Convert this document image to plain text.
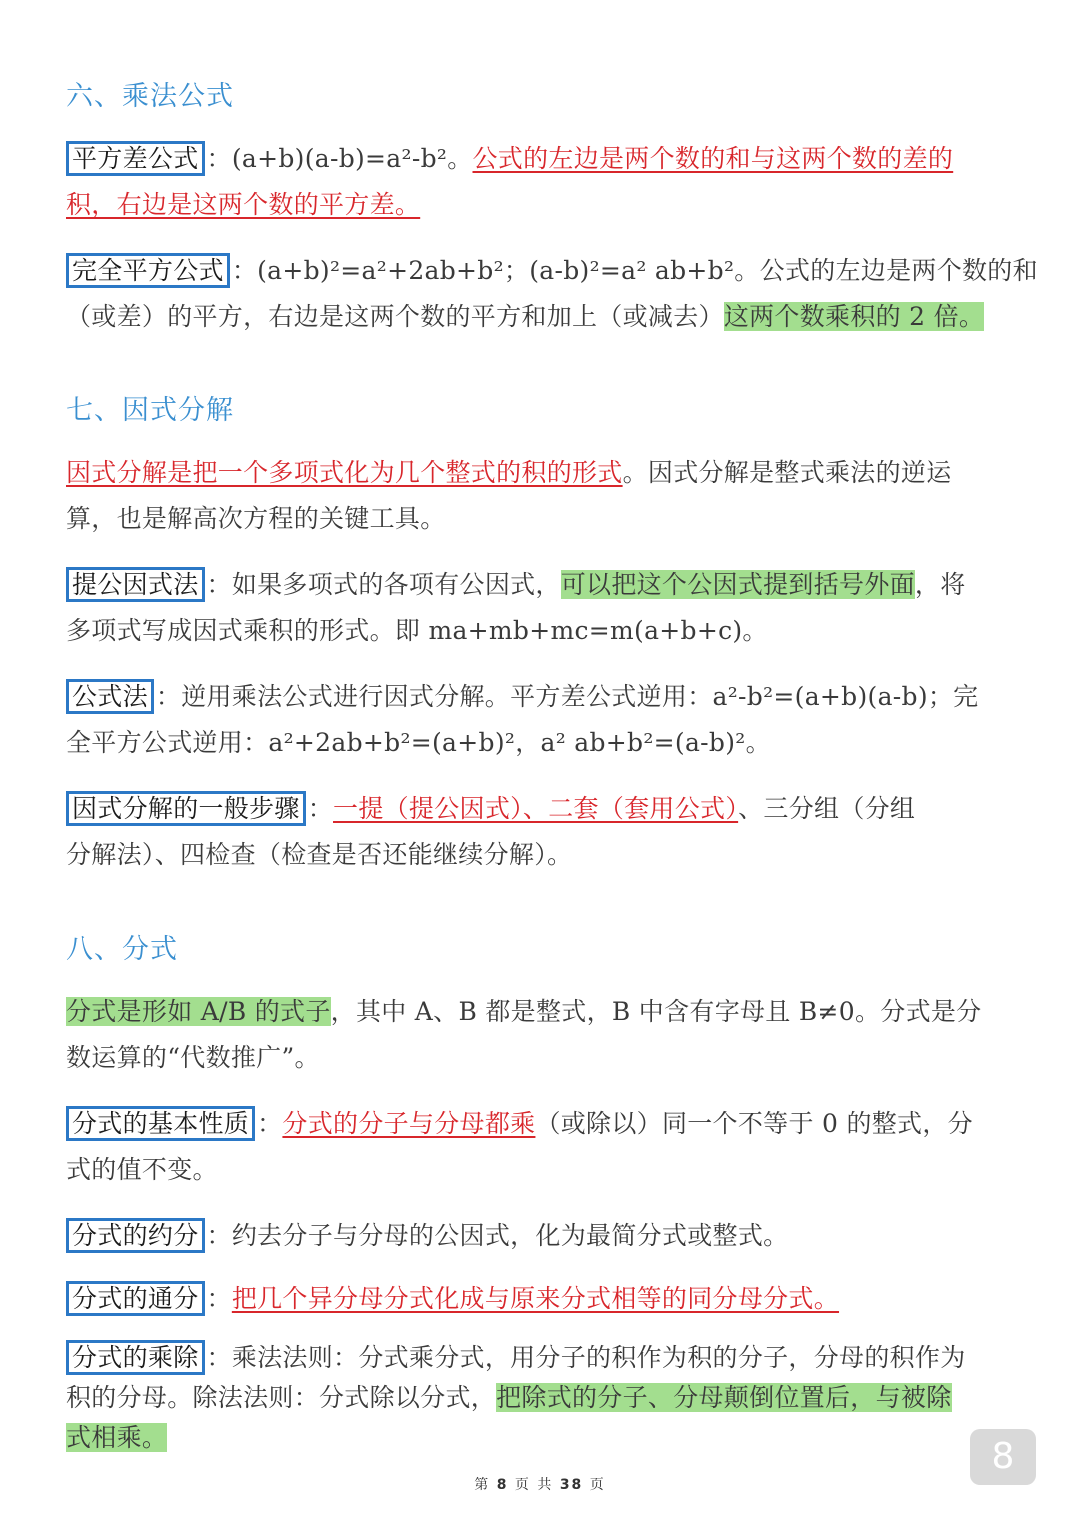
六、乘法公式
平方差公式 ：(a+b)(a-b)=a²-b²。公式的左边是两个数的和与这两个数的差的
积，右边是这两个数的平方差。
完全平方公式 ：(a+b)²=a²+2ab+b²；(a-b)²=a² ab+b²。公式的左边是两个数的和
（或差）的平方，右边是这两个数的平方和加上（或减去）这两个数乘积的 2 倍。
七、因式分解
因式分解是把一个多项式化为几个整式的积的形式。因式分解是整式乘法的逆运
算，也是解高次方程的关键工具。
提公因式法 ：如果多项式的各项有公因式，可以把这个公因式提到括号外面，将
多项式写成因式乘积的形式。即 ma+mb+mc=m(a+b+c)。
公式法 ：逆用乘法公式进行因式分解。平方差公式逆用：a²-b²=(a+b)(a-b)；完
全平方公式逆用：a²+2ab+b²=(a+b)²，a² ab+b²=(a-b)²。
因式分解的一般步骤 ：一提（提公因式）、二套（套用公式）、三分组（分组
分解法）、四检查（检查是否还能继续分解）。
八、分式
分式是形如 A/B 的式子，其中 A、B 都是整式，B 中含有字母且 B≠0。分式是分
数运算的“代数推广”。
分式的基本性质 ：分式的分子与分母都乘（或除以）同一个不等于 0 的整式，分
式的值不变。
分式的约分 ：约去分子与分母的公因式，化为最简分式或整式。
分式的通分 ：把几个异分母分式化成与原来分式相等的同分母分式。
分式的乘除 ：乘法法则：分式乘分式，用分子的积作为积的分子，分母的积作为
积的分母。除法法则：分式除以分式，把除式的分子、分母颠倒位置后，与被除
式相乘。	8
第 8 页 共 38 页
